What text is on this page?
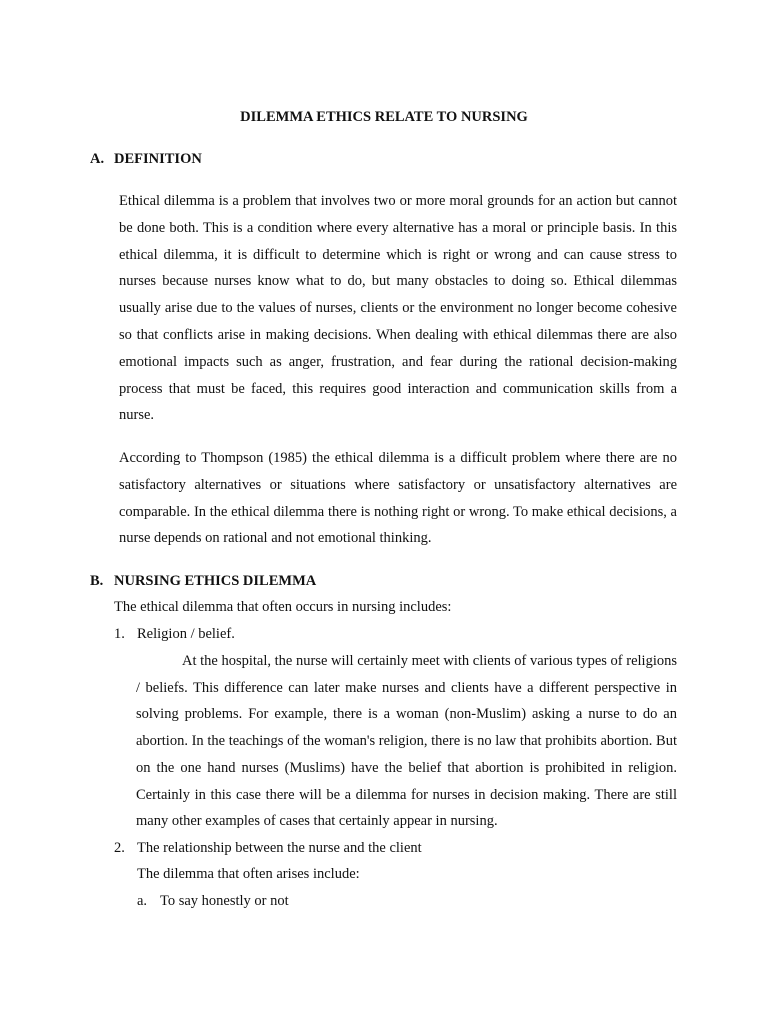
DILEMMA ETHICS RELATE TO NURSING
A. DEFINITION

Ethical dilemma is a problem that involves two or more moral grounds for an action but cannot be done both. This is a condition where every alternative has a moral or principle basis. In this ethical dilemma, it is difficult to determine which is right or wrong and can cause stress to nurses because nurses know what to do, but many obstacles to doing so. Ethical dilemmas usually arise due to the values of nurses, clients or the environment no longer become cohesive so that conflicts arise in making decisions. When dealing with ethical dilemmas there are also emotional impacts such as anger, frustration, and fear during the rational decision-making process that must be faced, this requires good interaction and communication skills from a nurse.

According to Thompson (1985) the ethical dilemma is a difficult problem where there are no satisfactory alternatives or situations where satisfactory or unsatisfactory alternatives are comparable. In the ethical dilemma there is nothing right or wrong. To make ethical decisions, a nurse depends on rational and not emotional thinking.

B. NURSING ETHICS DILEMMA

The ethical dilemma that often occurs in nursing includes:

1. Religion / belief.

At the hospital, the nurse will certainly meet with clients of various types of religions / beliefs. This difference can later make nurses and clients have a different perspective in solving problems. For example, there is a woman (non-Muslim) asking a nurse to do an abortion. In the teachings of the woman's religion, there is no law that prohibits abortion. But on the one hand nurses (Muslims) have the belief that abortion is prohibited in religion. Certainly in this case there will be a dilemma for nurses in decision making. There are still many other examples of cases that certainly appear in nursing.

2. The relationship between the nurse and the client

The dilemma that often arises include:

a. To say honestly or not
